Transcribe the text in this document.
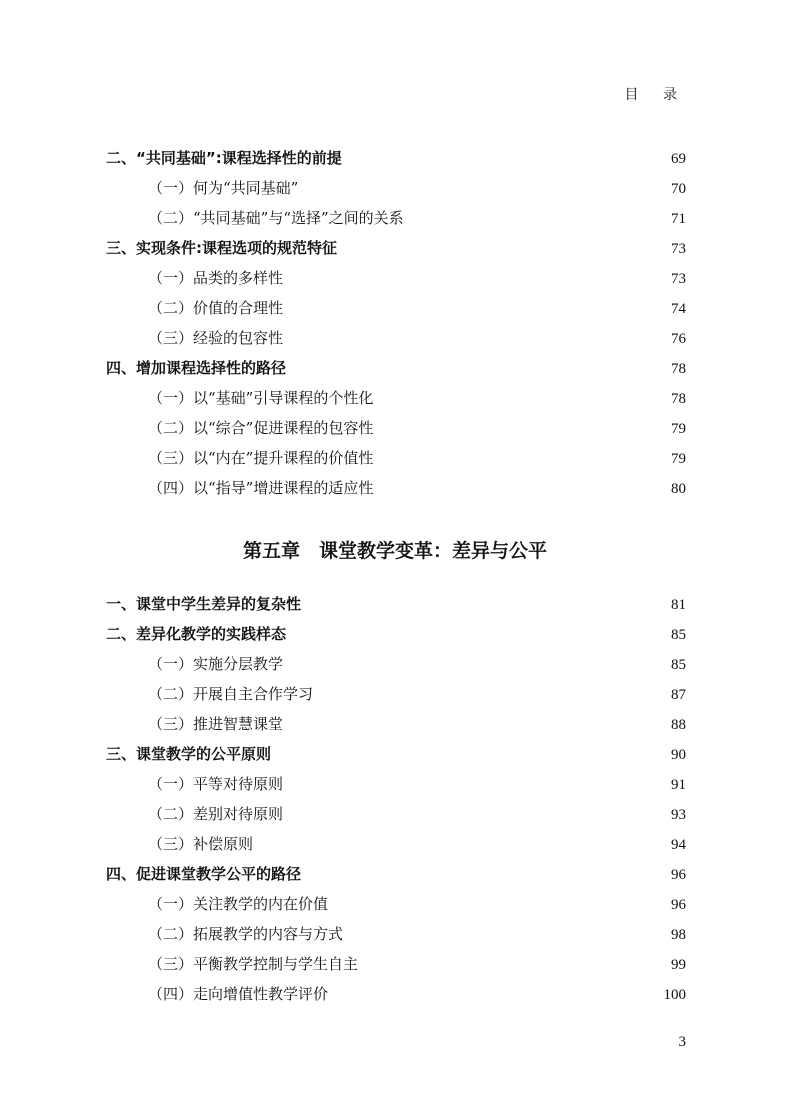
目 录
二、“共同基础”:课程选择性的前提	69
（一）何为“共同基础”	70
（二）“共同基础”与“选择”之间的关系	71
三、实现条件:课程选项的规范特征	73
（一）品类的多样性	73
（二）价值的合理性	74
（三）经验的包容性	76
四、增加课程选择性的路径	78
（一）以“基础”引导课程的个性化	78
（二）以“综合”促进课程的包容性	79
（三）以“内在”提升课程的价值性	79
（四）以“指导”增进课程的适应性	80
第五章　课堂教学变革：差异与公平
一、课堂中学生差异的复杂性	81
二、差异化教学的实践样态	85
（一）实施分层教学	85
（二）开展自主合作学习	87
（三）推进智慧课堂	88
三、课堂教学的公平原则	90
（一）平等对待原则	91
（二）差别对待原则	93
（三）补偿原则	94
四、促进课堂教学公平的路径	96
（一）关注教学的内在价值	96
（二）拓展教学的内容与方式	98
（三）平衡教学控制与学生自主	99
（四）走向增值性教学评价	100
3
